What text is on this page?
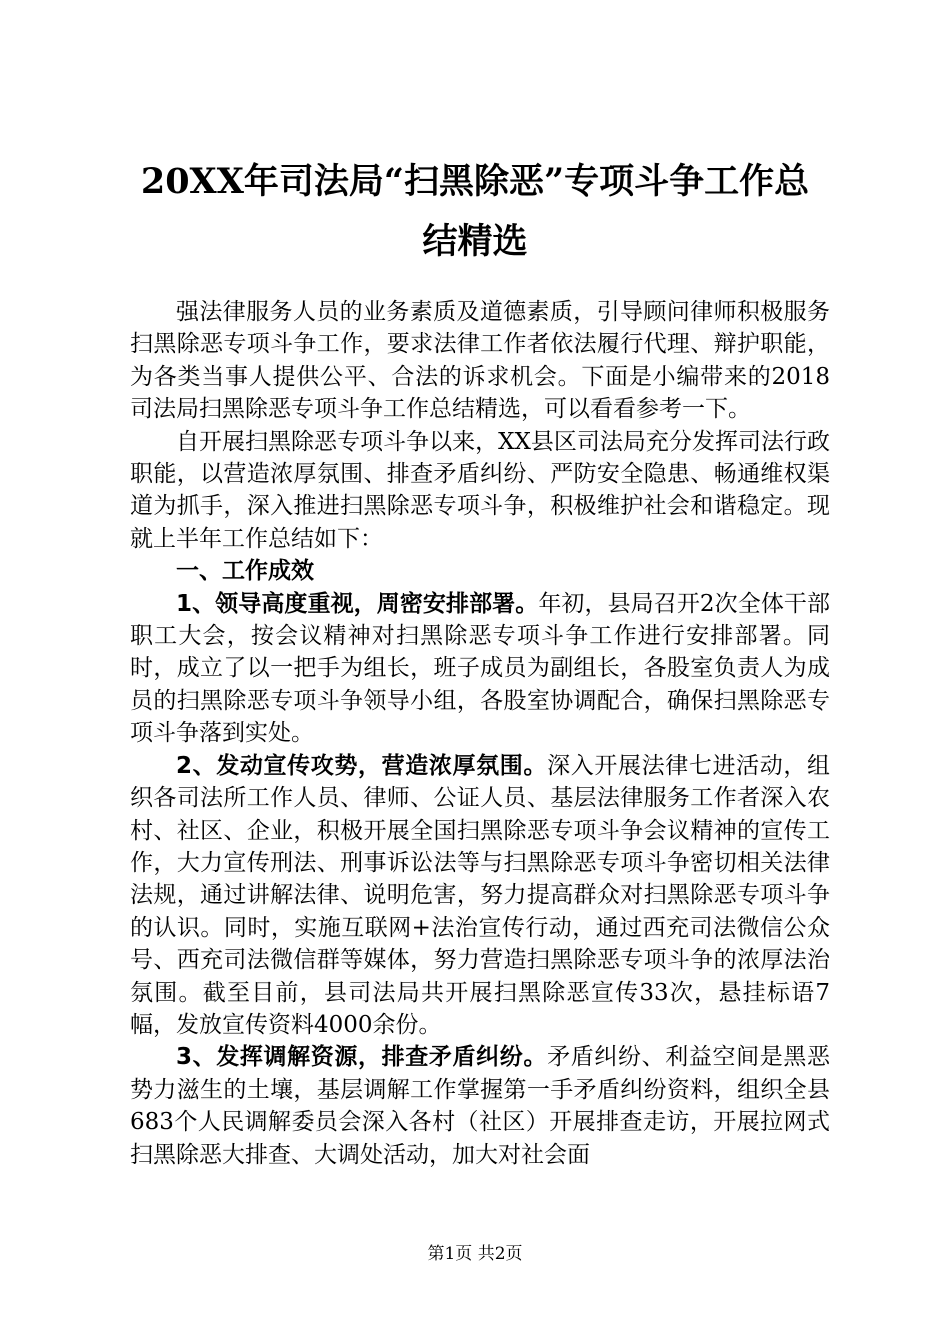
20XX年司法局“扫黑除恶”专项斗争工作总
结精选

强法律服务人员的业务素质及道德素质，引导顾问律师积极服务扫黑除恶专项斗争工作，要求法律工作者依法履行代理、辩护职能，为各类当事人提供公平、合法的诉求机会。下面是小编带来的2018司法局扫黑除恶专项斗争工作总结精选，可以看看参考一下。

自开展扫黑除恶专项斗争以来，XX县区司法局充分发挥司法行政职能，以营造浓厚氛围、排查矛盾纠纷、严防安全隐患、畅通维权渠道为抓手，深入推进扫黑除恶专项斗争，积极维护社会和谐稳定。现就上半年工作总结如下：

一、工作成效

1、领导高度重视，周密安排部署。年初，县局召开2次全体干部职工大会，按会议精神对扫黑除恶专项斗争工作进行安排部署。同时，成立了以一把手为组长，班子成员为副组长，各股室负责人为成员的扫黑除恶专项斗争领导小组，各股室协调配合，确保扫黑除恶专项斗争落到实处。

2、发动宣传攻势，营造浓厚氛围。深入开展法律七进活动，组织各司法所工作人员、律师、公证人员、基层法律服务工作者深入农村、社区、企业，积极开展全国扫黑除恶专项斗争会议精神的宣传工作，大力宣传刑法、刑事诉讼法等与扫黑除恶专项斗争密切相关法律法规，通过讲解法律、说明危害，努力提高群众对扫黑除恶专项斗争的认识。同时，实施互联网+法治宣传行动，通过西充司法微信公众号、西充司法微信群等媒体，努力营造扫黑除恶专项斗争的浓厚法治氛围。截至目前，县司法局共开展扫黑除恶宣传33次，悬挂标语7幅，发放宣传资料4000余份。

3、发挥调解资源，排查矛盾纠纷。矛盾纠纷、利益空间是黑恶势力滋生的土壤，基层调解工作掌握第一手矛盾纠纷资料，组织全县683个人民调解委员会深入各村（社区）开展排查走访，开展拉网式扫黑除恶大排查、大调处活动，加大对社会面

第1页 共2页
